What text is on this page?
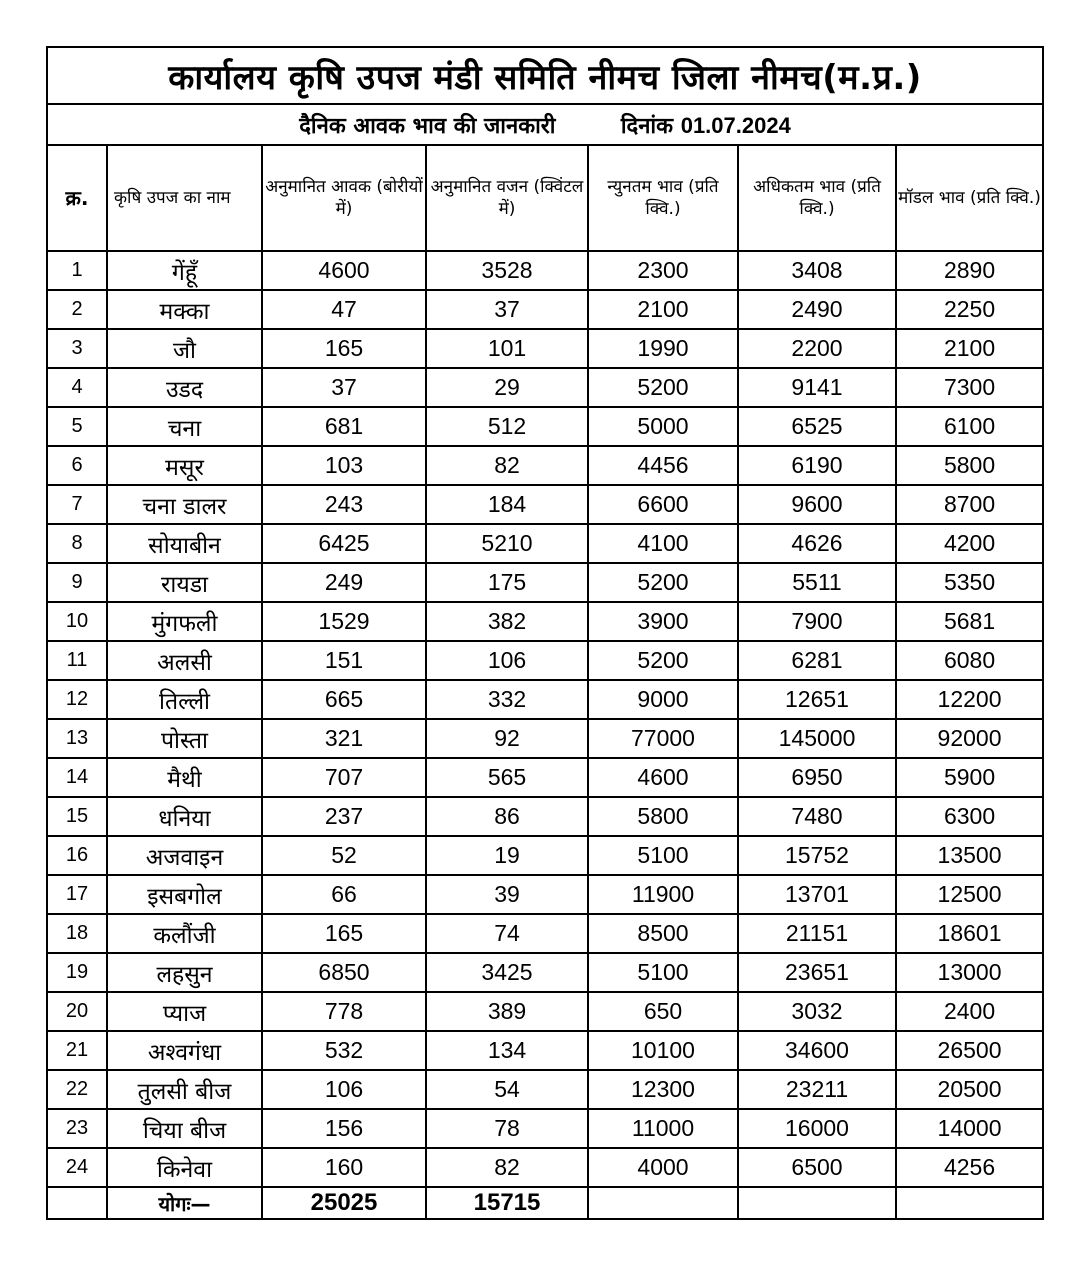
कार्यालय कृषि उपज मंडी समिति नीमच जिला नीमच(म.प्र.)						
दैनिक आवक भाव की जानकारी दिनांक 01.07.2024						
क्र.	कृषि उपज का नाम	अनुमानित आवक (बोरीयों में)	अनुमानित वजन (क्विंटल में)	न्युनतम भाव (प्रति क्वि.)	अधिकतम भाव (प्रति क्वि.)	मॉडल भाव (प्रति क्वि.)
1	गेंहूँ	4600	3528	2300	3408	2890
2	मक्का	47	37	2100	2490	2250
3	जौ	165	101	1990	2200	2100
4	उडद	37	29	5200	9141	7300
5	चना	681	512	5000	6525	6100
6	मसूर	103	82	4456	6190	5800
7	चना डालर	243	184	6600	9600	8700
8	सोयाबीन	6425	5210	4100	4626	4200
9	रायडा	249	175	5200	5511	5350
10	मुंगफली	1529	382	3900	7900	5681
11	अलसी	151	106	5200	6281	6080
12	तिल्ली	665	332	9000	12651	12200
13	पोस्ता	321	92	77000	145000	92000
14	मैथी	707	565	4600	6950	5900
15	धनिया	237	86	5800	7480	6300
16	अजवाइन	52	19	5100	15752	13500
17	इसबगोल	66	39	11900	13701	12500
18	कलौंजी	165	74	8500	21151	18601
19	लहसुन	6850	3425	5100	23651	13000
20	प्याज	778	389	650	3032	2400
21	अश्वगंधा	532	134	10100	34600	26500
22	तुलसी बीज	106	54	12300	23211	20500
23	चिया बीज	156	78	11000	16000	14000
24	किनेवा	160	82	4000	6500	4256
	योगः—	25025	15715			
